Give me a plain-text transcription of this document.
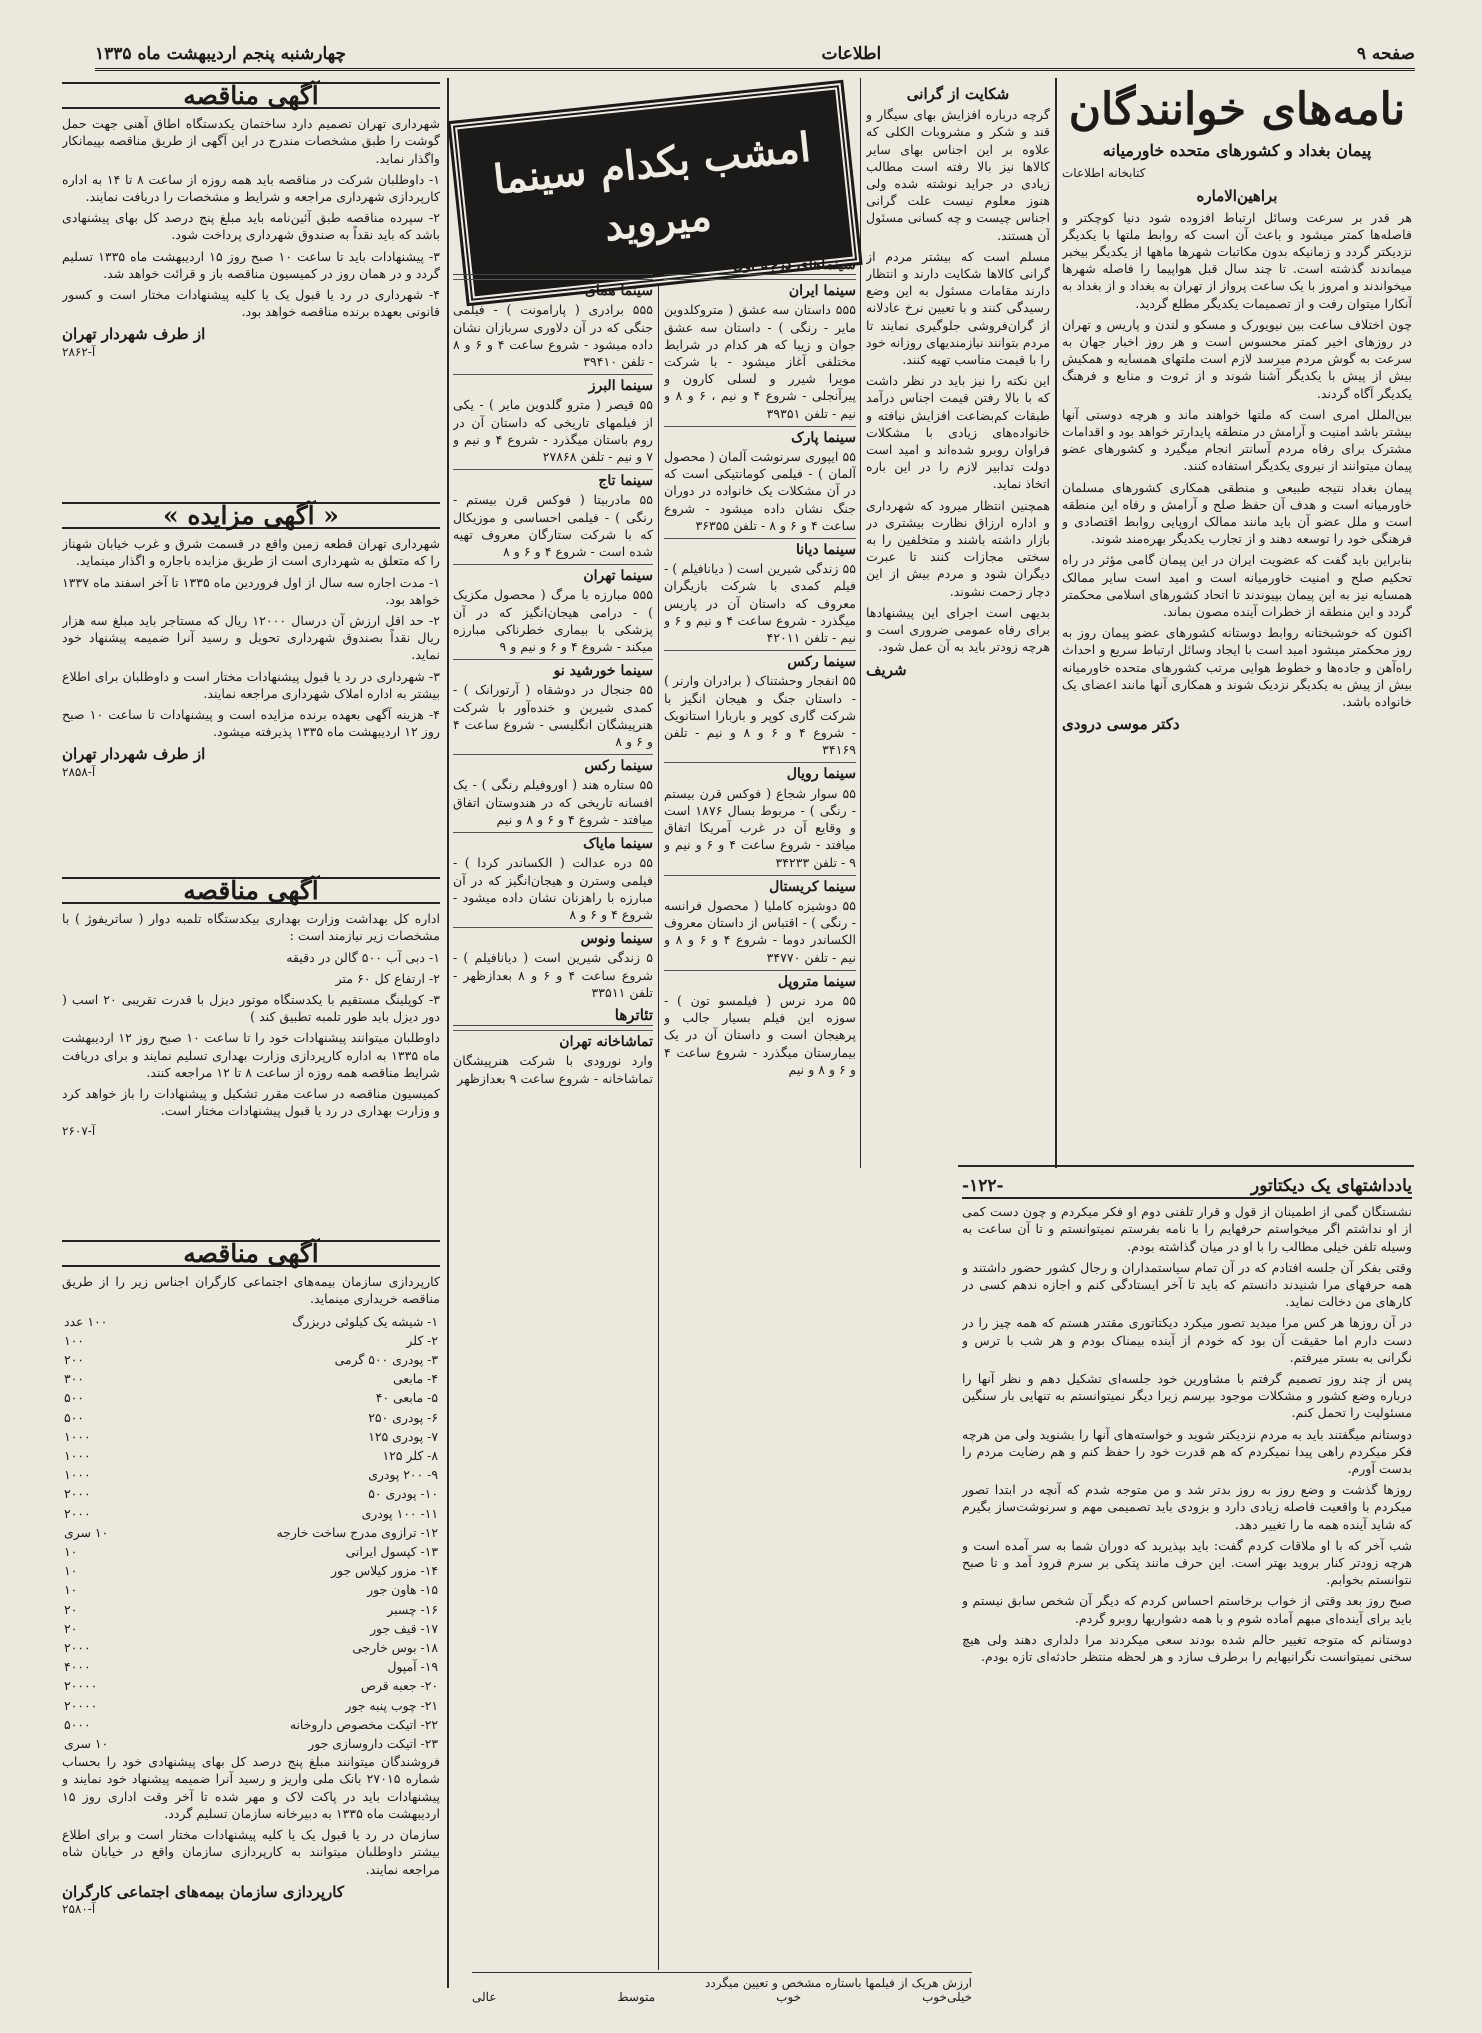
صفحه ۹
اطلاعات
چهارشنبه پنجم اردیبهشت ماه ۱۳۳۵
نامه‌های خوانندگان
پیمان بغداد و کشورهای متحده خاورمیانه
کتابخانه اطلاعات
براهین‌الاماره

هر قدر بر سرعت وسائل ارتباط افزوده شود دنیا کوچکتر و فاصله‌ها کمتر میشود و باعث آن است که روابط ملتها با یکدیگر نزدیکتر گردد و زمانیکه بدون مکاتبات شهرها ماهها از یکدیگر بیخبر میماندند گذشته است. تا چند سال قبل هواپیما را فاصله شهرها میخواندند و امروز با یک ساعت پرواز از تهران به بغداد و از بغداد به آنکارا میتوان رفت و از تصمیمات یکدیگر مطلع گردید.

چون اختلاف ساعت بین نیویورک و مسکو و لندن و پاریس و تهران در روزهای اخیر کمتر محسوس است و هر روز اخبار جهان به سرعت به گوش مردم میرسد لازم است ملتهای همسایه و همکیش بیش از پیش با یکدیگر آشنا شوند و از ثروت و منابع و فرهنگ یکدیگر آگاه گردند.

بین‌الملل امری است که ملتها خواهند ماند و هرچه دوستی آنها بیشتر باشد امنیت و آرامش در منطقه پایدارتر خواهد بود و اقدامات مشترک برای رفاه مردم آسانتر انجام میگیرد و کشورهای عضو پیمان میتوانند از نیروی یکدیگر استفاده کنند.

پیمان بغداد نتیجه طبیعی و منطقی همکاری کشورهای مسلمان خاورمیانه است و هدف آن حفظ صلح و آرامش و رفاه این منطقه است و ملل عضو آن باید مانند ممالک اروپایی روابط اقتصادی و فرهنگی خود را توسعه دهند و از تجارب یکدیگر بهره‌مند شوند.

بنابراین باید گفت که عضویت ایران در این پیمان گامی مؤثر در راه تحکیم صلح و امنیت خاورمیانه است و امید است سایر ممالک همسایه نیز به این پیمان بپیوندند تا اتحاد کشورهای اسلامی محکمتر گردد و این منطقه از خطرات آینده مصون بماند.

اکنون که خوشبختانه روابط دوستانه کشورهای عضو پیمان روز به روز محکمتر میشود امید است با ایجاد وسائل ارتباط سریع و احداث راه‌آهن و جاده‌ها و خطوط هوایی مرتب کشورهای متحده خاورمیانه بیش از پیش به یکدیگر نزدیک شوند و همکاری آنها مانند اعضای یک خانواده باشد.

دکتر موسی درودی
شکایت از گرانی

گرچه درباره افزایش بهای سیگار و قند و شکر و مشروبات الکلی که علاوه بر این اجناس بهای سایر کالاها نیز بالا رفته است مطالب زیادی در جراید نوشته شده ولی هنوز معلوم نیست علت گرانی اجناس چیست و چه کسانی مسئول آن هستند.

مسلم است که بیشتر مردم از گرانی کالاها شکایت دارند و انتظار دارند مقامات مسئول به این وضع رسیدگی کنند و با تعیین نرخ عادلانه از گران‌فروشی جلوگیری نمایند تا مردم بتوانند نیازمندیهای روزانه خود را با قیمت مناسب تهیه کنند.

این نکته را نیز باید در نظر داشت که با بالا رفتن قیمت اجناس درآمد طبقات کم‌بضاعت افزایش نیافته و خانواده‌های زیادی با مشکلات فراوان روبرو شده‌اند و امید است دولت تدابیر لازم را در این باره اتخاذ نماید.

همچنین انتظار میرود که شهرداری و اداره ارزاق نظارت بیشتری در بازار داشته باشند و متخلفین را به سختی مجازات کنند تا عبرت دیگران شود و مردم بیش از این دچار زحمت نشوند.

بدیهی است اجرای این پیشنهادها برای رفاه عمومی ضروری است و هرچه زودتر باید به آن عمل شود.

شریف
امشب بکدام سینما میروید
سینماهای درجه اول :
سینما ایران

۵۵۵ داستان سه عشق ( متروکلدوین مایر - رنگی ) - داستان سه عشق جوان و زیبا که هر کدام در شرایط مختلفی آغاز میشود - با شرکت مویرا شیرر و لسلی کارون و پیرآنجلی - شروع ۴ و نیم ، ۶ و ۸ و نیم - تلفن ۳۹۳۵۱

سینما پارک

۵۵ ایپوری سرنوشت آلمان ( محصول آلمان ) - فیلمی کومانتیکی است که در آن مشکلات یک خانواده در دوران جنگ نشان داده میشود - شروع ساعت ۴ و ۶ و ۸ - تلفن ۳۶۳۵۵

سینما دیانا

۵۵ زندگی شیرین است ( دیانافیلم ) - فیلم کمدی با شرکت بازیگران معروف که داستان آن در پاریس میگذرد - شروع ساعت ۴ و نیم و ۶ و نیم - تلفن ۴۲۰۱۱

سینما رکس

۵۵ انفجار وحشتناک ( برادران وارنر ) - داستان جنگ و هیجان انگیز با شرکت گاری کوپر و باربارا استانویک - شروع ۴ و ۶ و ۸ و نیم - تلفن ۳۴۱۶۹

سینما رویال

۵۵ سوار شجاع ( فوکس قرن بیستم - رنگی ) - مربوط بسال ۱۸۷۶ است و وقایع آن در غرب آمریکا اتفاق میافتد - شروع ساعت ۴ و ۶ و نیم و ۹ - تلفن ۳۴۲۳۳

سینما کریستال

۵۵ دوشیزه کاملیا ( محصول فرانسه - رنگی ) - اقتباس از داستان معروف الکساندر دوما - شروع ۴ و ۶ و ۸ و نیم - تلفن ۳۴۷۷۰

سینما متروپل

۵۵ مرد نرس ( فیلمسو تون ) - سوزه این فیلم بسیار جالب و پرهیجان است و داستان آن در یک بیمارستان میگذرد - شروع ساعت ۴ و ۶ و ۸ و نیم

سینماهای درجه دوم :
سینما همای

۵۵۵ برادری ( پارامونت ) - فیلمی جنگی که در آن دلاوری سربازان نشان داده میشود - شروع ساعت ۴ و ۶ و ۸ - تلفن ۳۹۴۱۰

سینما البرز

۵۵ قیصر ( مترو گلدوین مایر ) - یکی از فیلمهای تاریخی که داستان آن در روم باستان میگذرد - شروع ۴ و نیم و ۷ و نیم - تلفن ۲۷۸۶۸

سینما تاج

۵۵ مادربیتا ( فوکس قرن بیستم - رنگی ) - فیلمی احساسی و موزیکال که با شرکت ستارگان معروف تهیه شده است - شروع ۴ و ۶ و ۸

سینما تهران

۵۵۵ مبارزه با مرگ ( محصول مکزیک ) - درامی هیجان‌انگیز که در آن پزشکی با بیماری خطرناکی مبارزه میکند - شروع ۴ و ۶ و نیم و ۹

سینما خورشید نو

۵۵ جنجال در دوشقاه ( آرتورانک ) - کمدی شیرین و خنده‌آور با شرکت هنرپیشگان انگلیسی - شروع ساعت ۴ و ۶ و ۸

سینما رکس

۵۵ ستاره هند ( اوروفیلم رنگی ) - یک افسانه تاریخی که در هندوستان اتفاق میافتد - شروع ۴ و ۶ و ۸ و نیم

سینما مایاک

۵۵ دره عدالت ( الکساندر کردا ) - فیلمی وسترن و هیجان‌انگیز که در آن مبارزه با راهزنان نشان داده میشود - شروع ۴ و ۶ و ۸

سینما ونوس

۵ زندگی شیرین است ( دیانافیلم ) - شروع ساعت ۴ و ۶ و ۸ بعدازظهر - تلفن ۳۳۵۱۱

تئاترها
تماشاخانه تهران

وارد نورودی با شرکت هنرپیشگان تماشاخانه - شروع ساعت ۹ بعدازظهر

ارزش هریک از فیلمها باستاره مشخص و تعیین میگردد
خیلی‌خوب
خوب
متوسط
عالی
یادداشتهای یک دیکتاتور
-۱۲۲-

نشستگان گمی از اطمینان از قول و قرار تلفنی دوم او فکر میکردم و چون دست کمی از او نداشتم اگر میخواستم حرفهایم را با نامه بفرستم نمیتوانستم و تا آن ساعت به وسیله تلفن خیلی مطالب را با او در میان گذاشته بودم.

وقتی بفکر آن جلسه افتادم که در آن تمام سیاستمداران و رجال کشور حضور داشتند و همه حرفهای مرا شنیدند دانستم که باید تا آخر ایستادگی کنم و اجازه ندهم کسی در کارهای من دخالت نماید.

در آن روزها هر کس مرا میدید تصور میکرد دیکتاتوری مقتدر هستم که همه چیز را در دست دارم اما حقیقت آن بود که خودم از آینده بیمناک بودم و هر شب با ترس و نگرانی به بستر میرفتم.

پس از چند روز تصمیم گرفتم با مشاورین خود جلسه‌ای تشکیل دهم و نظر آنها را درباره وضع کشور و مشکلات موجود بپرسم زیرا دیگر نمیتوانستم به تنهایی بار سنگین مسئولیت را تحمل کنم.

دوستانم میگفتند باید به مردم نزدیکتر شوید و خواسته‌های آنها را بشنوید ولی من هرچه فکر میکردم راهی پیدا نمیکردم که هم قدرت خود را حفظ کنم و هم رضایت مردم را بدست آورم.

روزها گذشت و وضع روز به روز بدتر شد و من متوجه شدم که آنچه در ابتدا تصور میکردم با واقعیت فاصله زیادی دارد و بزودی باید تصمیمی مهم و سرنوشت‌ساز بگیرم که شاید آینده همه ما را تغییر دهد.

شب آخر که با او ملاقات کردم گفت: باید بپذیرید که دوران شما به سر آمده است و هرچه زودتر کنار بروید بهتر است. این حرف مانند پتکی بر سرم فرود آمد و تا صبح نتوانستم بخوابم.

صبح روز بعد وقتی از خواب برخاستم احساس کردم که دیگر آن شخص سابق نیستم و باید برای آینده‌ای مبهم آماده شوم و با همه دشواریها روبرو گردم.

دوستانم که متوجه تغییر حالم شده بودند سعی میکردند مرا دلداری دهند ولی هیچ سخنی نمیتوانست نگرانیهایم را برطرف سازد و هر لحظه منتظر حادثه‌ای تازه بودم.

آگهی مناقصه

شهرداری تهران تصمیم دارد ساختمان یکدستگاه اطاق آهنی جهت حمل گوشت را طبق مشخصات مندرج در این آگهی از طریق مناقصه بپیمانکار واگذار نماید.

۱- داوطلبان شرکت در مناقصه باید همه روزه از ساعت ۸ تا ۱۴ به اداره کارپردازی شهرداری مراجعه و شرایط و مشخصات را دریافت نمایند.

۲- سپرده مناقصه طبق آئین‌نامه باید مبلغ پنج درصد کل بهای پیشنهادی باشد که باید نقداً به صندوق شهرداری پرداخت شود.

۳- پیشنهادات باید تا ساعت ۱۰ صبح روز ۱۵ اردیبهشت ماه ۱۳۳۵ تسلیم گردد و در همان روز در کمیسیون مناقصه باز و قرائت خواهد شد.

۴- شهرداری در رد یا قبول یک یا کلیه پیشنهادات مختار است و کسور قانونی بعهده برنده مناقصه خواهد بود.

از طرف شهردار تهران
آ-۲۸۶۲
« آگهی مزایده »

شهرداری تهران قطعه زمین واقع در قسمت شرق و غرب خیابان شهناز را که متعلق به شهرداری است از طریق مزایده باجاره و اگذار مینماید.

۱- مدت اجاره سه سال از اول فروردین ماه ۱۳۳۵ تا آخر اسفند ماه ۱۳۳۷ خواهد بود.

۲- حد اقل ارزش آن درسال ۱۲۰۰۰ ریال که مستاجر باید مبلغ سه هزار ریال نقداً بصندوق شهرداری تحویل و رسید آنرا ضمیمه پیشنهاد خود نماید.

۳- شهرداری در رد یا قبول پیشنهادات مختار است و داوطلبان برای اطلاع بیشتر به اداره املاک شهرداری مراجعه نمایند.

۴- هزینه آگهی بعهده برنده مزایده است و پیشنهادات تا ساعت ۱۰ صبح روز ۱۲ اردیبهشت ماه ۱۳۳۵ پذیرفته میشود.

از طرف شهردار تهران
آ-۲۸۵۸
آگهی مناقصه

اداره کل بهداشت وزارت بهداری بیکدستگاه تلمبه دوار ( ساتریفوژ ) با مشخصات زیر نیازمند است :

۱- دبی آب ۵۰۰ گالن در دقیقه

۲- ارتفاع کل ۶۰ متر

۳- کوپلینگ مستقیم با یکدستگاه موتور دیزل با قدرت تقریبی ۲۰ اسب ( دور دیزل باید طور تلمبه تطبیق کند )

داوطلبان میتوانند پیشنهادات خود را تا ساعت ۱۰ صبح روز ۱۲ اردیبهشت ماه ۱۳۳۵ به اداره کارپردازی وزارت بهداری تسلیم نمایند و برای دریافت شرایط مناقصه همه روزه از ساعت ۸ تا ۱۲ مراجعه کنند.

کمیسیون مناقصه در ساعت مقرر تشکیل و پیشنهادات را باز خواهد کرد و وزارت بهداری در رد یا قبول پیشنهادات مختار است.

آ-۲۶۰۷
آگهی مناقصه

کارپردازی سازمان بیمه‌های اجتماعی کارگران اجناس زیر را از طریق مناقصه خریداری مینماید.

۱- شیشه یک کیلوئی دربزرگ	۱۰۰ عدد
۲- کلر	۱۰۰
۳- پودری ۵۰۰ گرمی	۲۰۰
۴- مابعی	۳۰۰
۵- مابعی ۴۰	۵۰۰
۶- پودری ۲۵۰	۵۰۰
۷- پودری ۱۲۵	۱۰۰۰
۸- کلر ۱۲۵	۱۰۰۰
۹- ۲۰۰ پودری	۱۰۰۰
۱۰- پودری ۵۰	۲۰۰۰
۱۱- ۱۰۰ پودری	۲۰۰۰
۱۲- ترازوی مدرج ساخت خارجه	۱۰ سری
۱۳- کپسول ایرانی	۱۰
۱۴- مزور کیلاس جور	۱۰
۱۵- هاون جور	۱۰
۱۶- چسبر	۲۰
۱۷- قیف جور	۲۰
۱۸- بوس خارجی	۲۰۰۰
۱۹- آمپول	۴۰۰۰
۲۰- جعبه قرص	۲۰۰۰۰
۲۱- چوب پنبه جور	۲۰۰۰۰
۲۲- اتیکت مخصوص داروخانه	۵۰۰۰
۲۳- اتیکت داروسازی جور	۱۰ سری

فروشندگان میتوانند مبلغ پنج درصد کل بهای پیشنهادی خود را بحساب شماره ۲۷۰۱۵ بانک ملی واریز و رسید آنرا ضمیمه پیشنهاد خود نمایند و پیشنهادات باید در پاکت لاک و مهر شده تا آخر وقت اداری روز ۱۵ اردیبهشت ماه ۱۳۳۵ به دبیرخانه سازمان تسلیم گردد.

سازمان در رد یا قبول یک یا کلیه پیشنهادات مختار است و برای اطلاع بیشتر داوطلبان میتوانند به کارپردازی سازمان واقع در خیابان شاه مراجعه نمایند.

کارپردازی سازمان بیمه‌های اجتماعی کارگران
آ-۲۵۸۰
